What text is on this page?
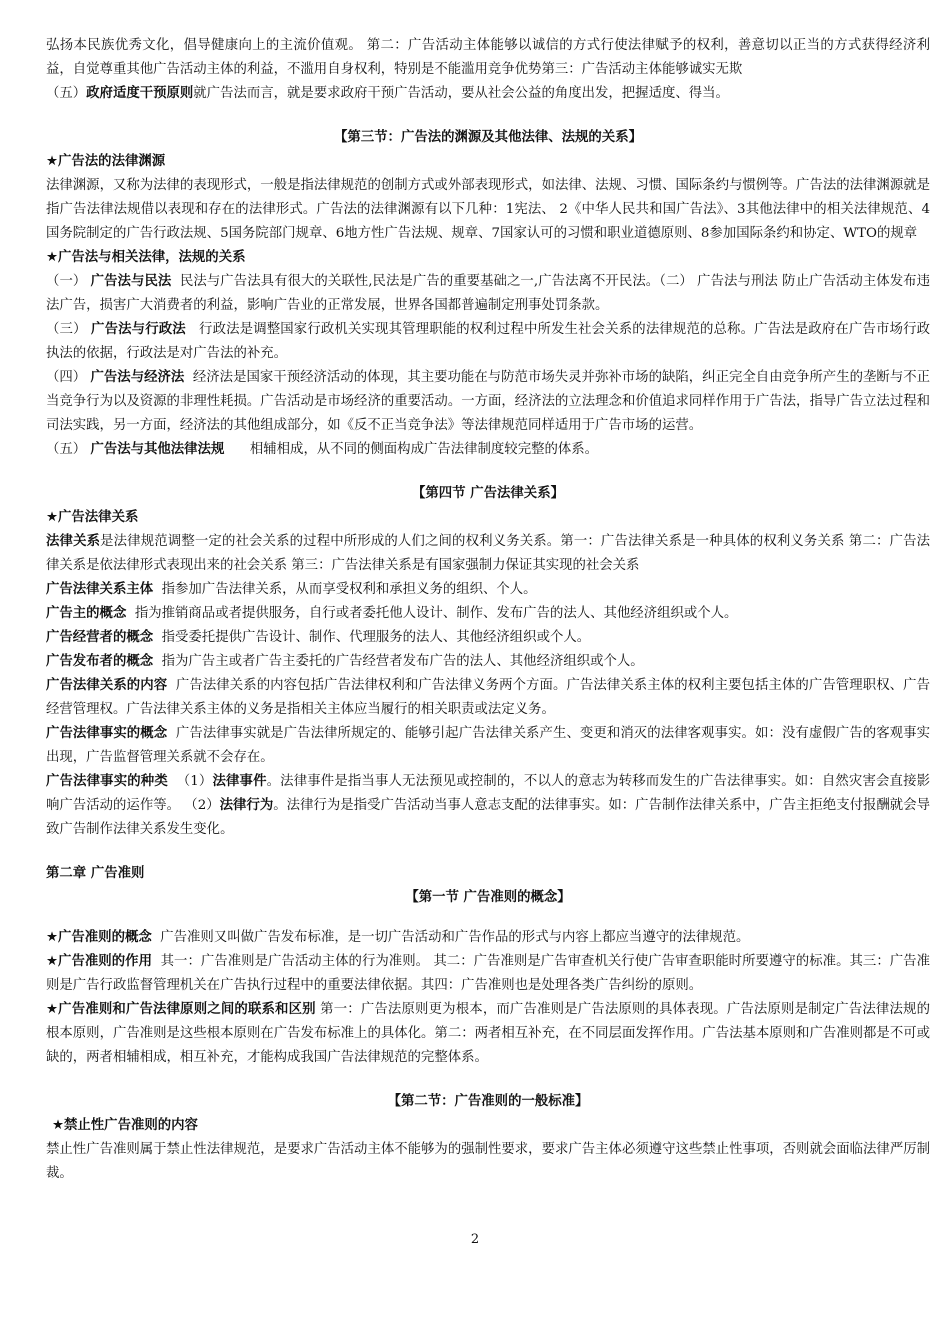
弘扬本民族优秀文化，倡导健康向上的主流价值观。 第二：广告活动主体能够以诚信的方式行使法律赋予的权利，善意切以正当的方式获得经济利益，自觉尊重其他广告活动主体的利益，不滥用自身权利，特别是不能滥用竞争优势第三：广告活动主体能够诚实无欺

（五）政府适度干预原则就广告法而言，就是要求政府干预广告活动，要从社会公益的角度出发，把握适度、得当。

【第三节：广告法的渊源及其他法律、法规的关系】

★广告法的法律渊源

法律渊源，又称为法律的表现形式，一般是指法律规范的创制方式或外部表现形式，如法律、法规、习惯、国际条约与惯例等。广告法的法律渊源就是指广告法律法规借以表现和存在的法律形式。广告法的法律渊源有以下几种：1宪法、 2《中华人民共和国广告法》、3其他法律中的相关法律规范、4国务院制定的广告行政法规、5国务院部门规章、6地方性广告法规、规章、7国家认可的习惯和职业道德原则、8参加国际条约和协定、WTO的规章

★广告法与相关法律，法规的关系

（一） 广告法与民法 民法与广告法具有很大的关联性,民法是广告的重要基础之一,广告法离不开民法。（二） 广告法与刑法 防止广告活动主体发布违法广告，损害广大消费者的利益，影响广告业的正常发展，世界各国都普遍制定刑事处罚条款。

（三） 广告法与行政法 行政法是调整国家行政机关实现其管理职能的权利过程中所发生社会关系的法律规范的总称。广告法是政府在广告市场行政执法的依据，行政法是对广告法的补充。

（四） 广告法与经济法 经济法是国家干预经济活动的体现，其主要功能在与防范市场失灵并弥补市场的缺陷，纠正完全自由竞争所产生的垄断与不正当竞争行为以及资源的非理性耗损。广告活动是市场经济的重要活动。一方面，经济法的立法理念和价值追求同样作用于广告法，指导广告立法过程和司法实践，另一方面，经济法的其他组成部分，如《反不正当竞争法》等法律规范同样适用于广告市场的运营。

（五） 广告法与其他法律法规 相辅相成，从不同的侧面构成广告法律制度较完整的体系。

【第四节 广告法律关系】

★广告法律关系

法律关系是法律规范调整一定的社会关系的过程中所形成的人们之间的权利义务关系。第一：广告法律关系是一种具体的权利义务关系 第二：广告法律关系是依法律形式表现出来的社会关系 第三：广告法律关系是有国家强制力保证其实现的社会关系

广告法律关系主体 指参加广告法律关系，从而享受权利和承担义务的组织、个人。

广告主的概念 指为推销商品或者提供服务，自行或者委托他人设计、制作、发布广告的法人、其他经济组织或个人。

广告经营者的概念 指受委托提供广告设计、制作、代理服务的法人、其他经济组织或个人。

广告发布者的概念 指为广告主或者广告主委托的广告经营者发布广告的法人、其他经济组织或个人。

广告法律关系的内容 广告法律关系的内容包括广告法律权利和广告法律义务两个方面。广告法律关系主体的权利主要包括主体的广告管理职权、广告经营管理权。广告法律关系主体的义务是指相关主体应当履行的相关职责或法定义务。

广告法律事实的概念 广告法律事实就是广告法律所规定的、能够引起广告法律关系产生、变更和消灭的法律客观事实。如：没有虚假广告的客观事实出现，广告监督管理关系就不会存在。

广告法律事实的种类 （1）法律事件。法律事件是指当事人无法预见或控制的，不以人的意志为转移而发生的广告法律事实。如：自然灾害会直接影响广告活动的运作等。 （2）法律行为。法律行为是指受广告活动当事人意志支配的法律事实。如：广告制作法律关系中，广告主拒绝支付报酬就会导致广告制作法律关系发生变化。

第二章 广告准则

【第一节 广告准则的概念】

★广告准则的概念 广告准则又叫做广告发布标准，是一切广告活动和广告作品的形式与内容上都应当遵守的法律规范。

★广告准则的作用 其一：广告准则是广告活动主体的行为准则。 其二：广告准则是广告审查机关行使广告审查职能时所要遵守的标准。其三：广告准则是广告行政监督管理机关在广告执行过程中的重要法律依据。其四：广告准则也是处理各类广告纠纷的原则。

★广告准则和广告法律原则之间的联系和区别 第一：广告法原则更为根本，而广告准则是广告法原则的具体表现。广告法原则是制定广告法律法规的根本原则，广告准则是这些根本原则在广告发布标准上的具体化。第二：两者相互补充，在不同层面发挥作用。广告法基本原则和广告准则都是不可或缺的，两者相辅相成，相互补充，才能构成我国广告法律规范的完整体系。

【第二节：广告准则的一般标准】

★禁止性广告准则的内容

禁止性广告准则属于禁止性法律规范，是要求广告活动主体不能够为的强制性要求，要求广告主体必须遵守这些禁止性事项，否则就会面临法律严厉制裁。

2
